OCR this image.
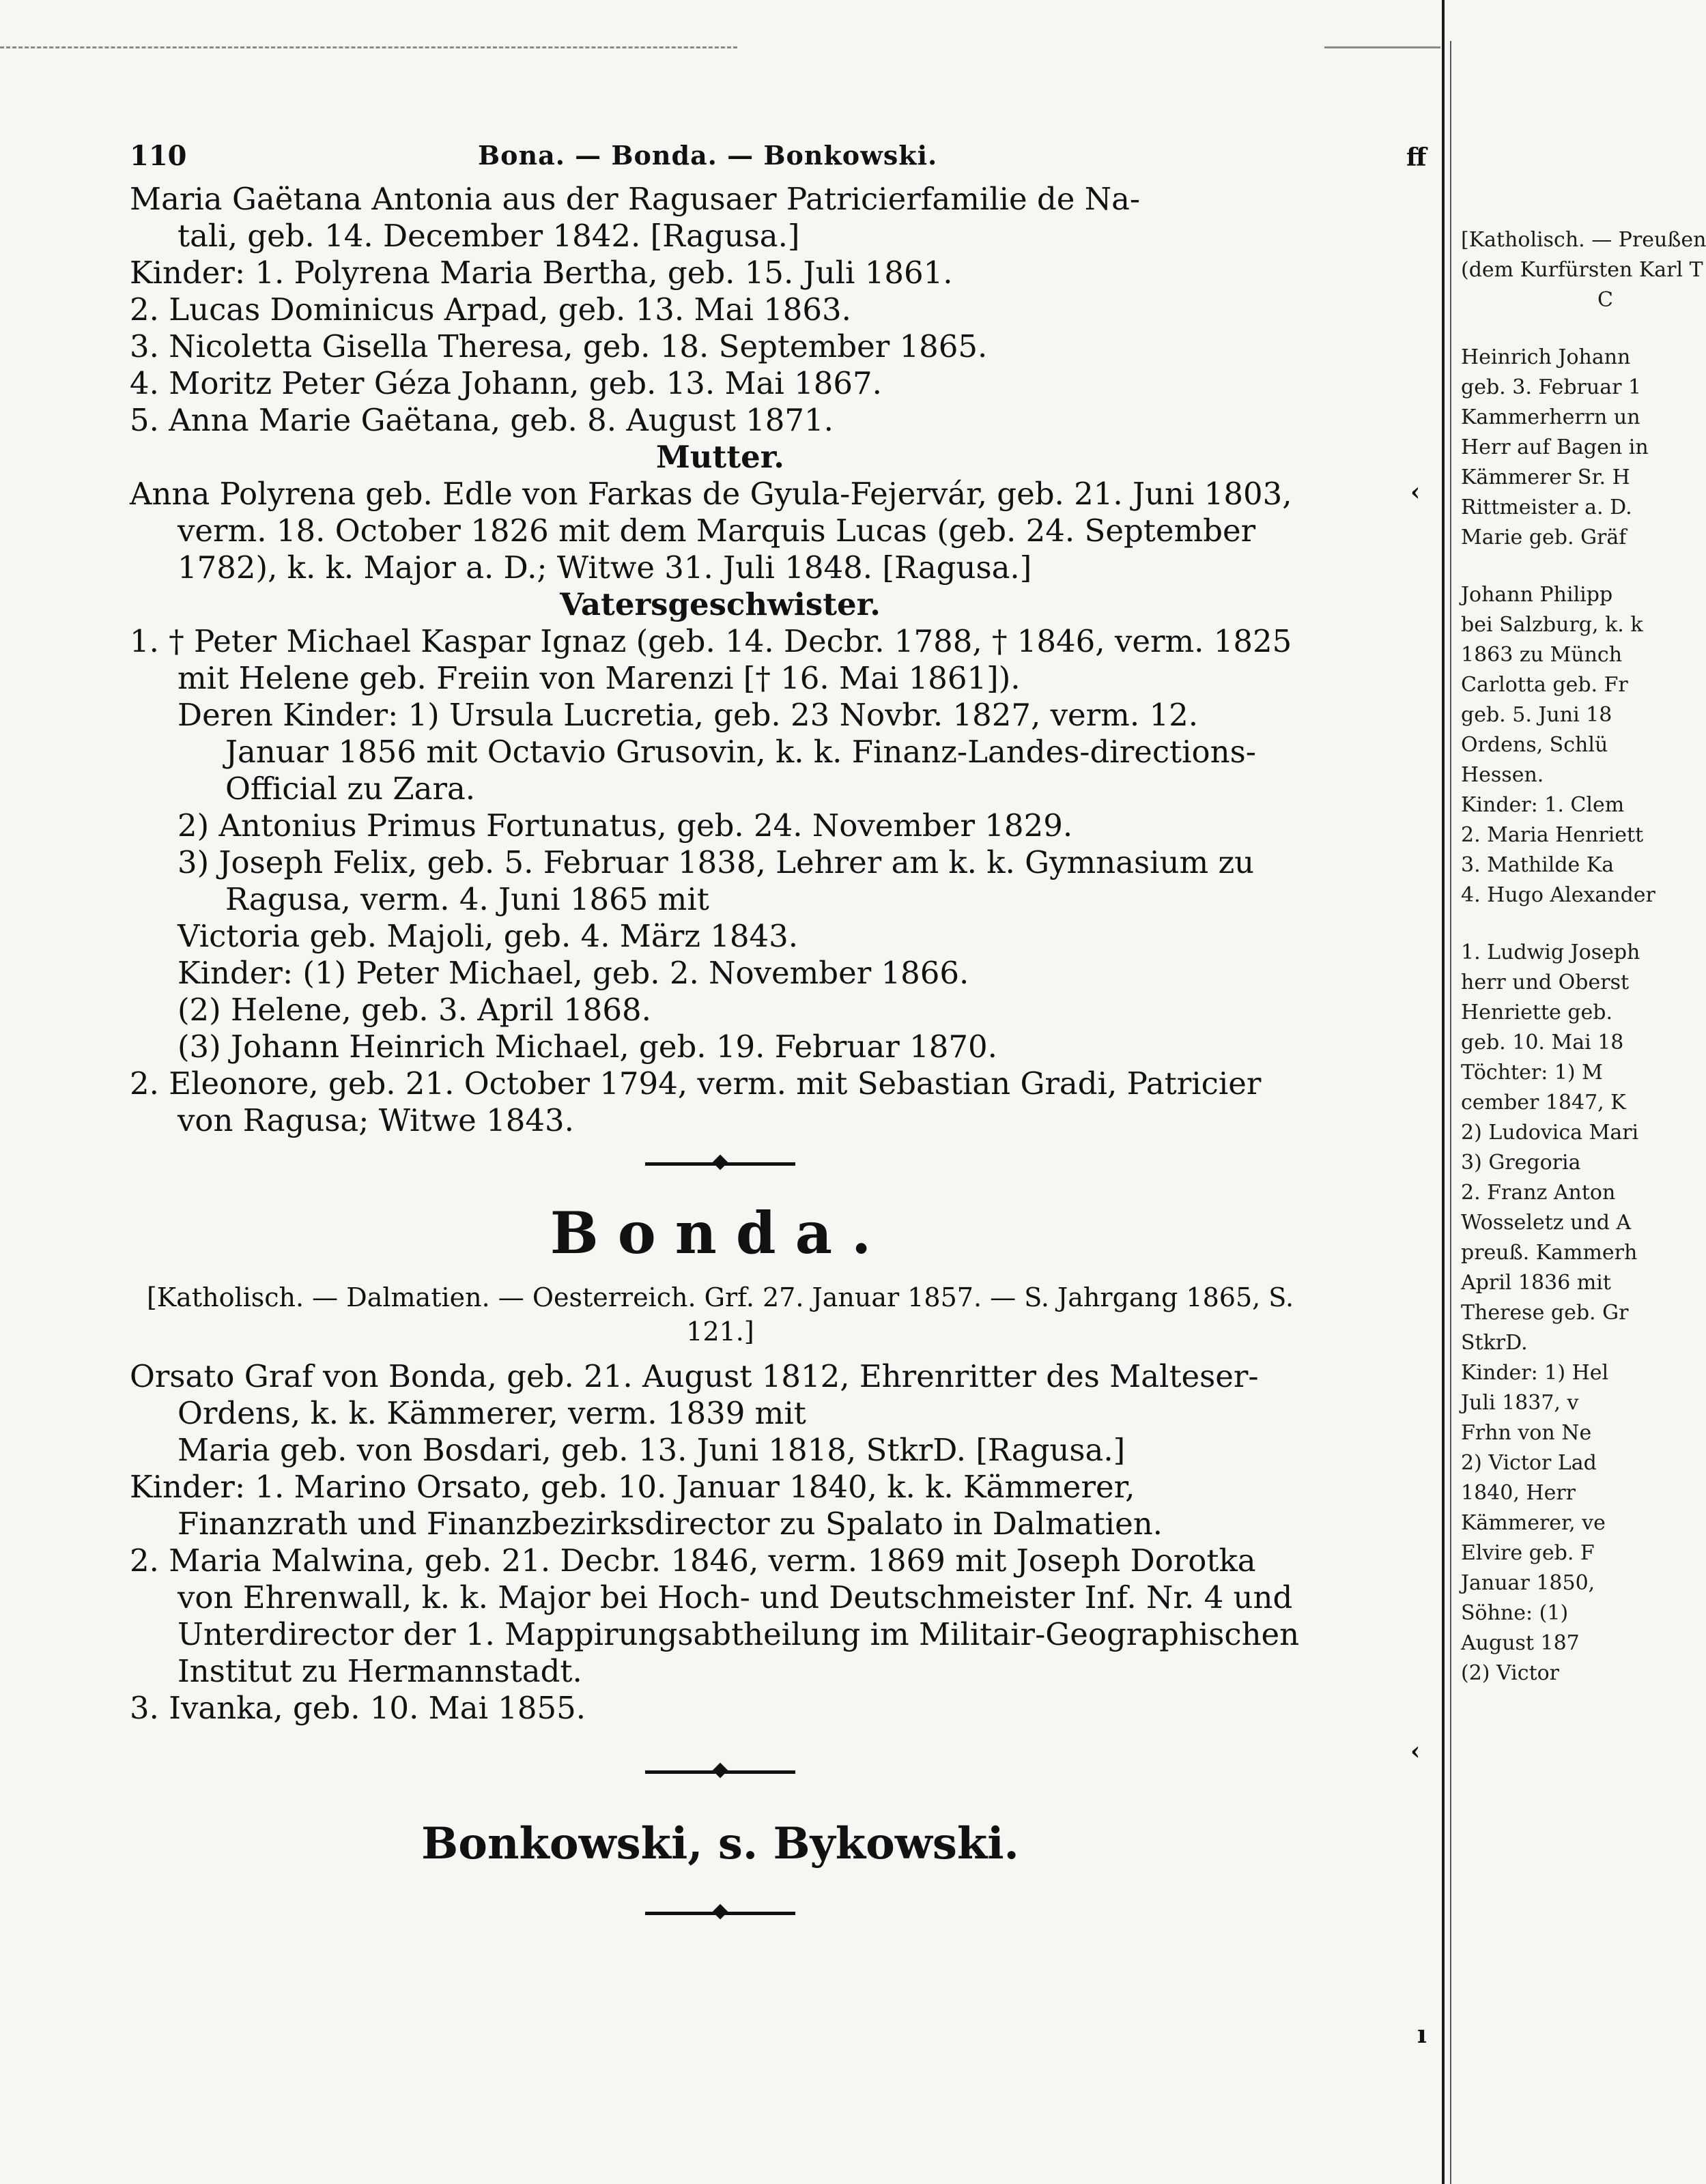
ff
‹
‹
ı
110	Bona. — Bonda. — Bonkowski.
Maria Gaëtana Antonia aus der Ragusaer Patricierfamilie de Na-
tali, geb. 14. December 1842. [Ragusa.]
Kinder: 1. Polyrena Maria Bertha, geb. 15. Juli 1861.
2. Lucas Dominicus Arpad, geb. 13. Mai 1863.
3. Nicoletta Gisella Theresa, geb. 18. September 1865.
4. Moritz Peter Géza Johann, geb. 13. Mai 1867.
5. Anna Marie Gaëtana, geb. 8. August 1871.
Mutter.
Anna Polyrena geb. Edle von Farkas de Gyula-Fejervár, geb. 21. Juni 1803, verm. 18. October 1826 mit dem Marquis Lucas (geb. 24. September 1782), k. k. Major a. D.; Witwe 31. Juli 1848. [Ragusa.]
Vatersgeschwister.
1. † Peter Michael Kaspar Ignaz (geb. 14. Decbr. 1788, † 1846, verm. 1825 mit Helene geb. Freiin von Marenzi [† 16. Mai 1861]).
Deren Kinder: 1) Ursula Lucretia, geb. 23 Novbr. 1827, verm. 12. Januar 1856 mit Octavio Grusovin, k. k. Finanz-Landes-directions-Official zu Zara.
2) Antonius Primus Fortunatus, geb. 24. November 1829.
3) Joseph Felix, geb. 5. Februar 1838, Lehrer am k. k. Gymnasium zu Ragusa, verm. 4. Juni 1865 mit
Victoria geb. Majoli, geb. 4. März 1843.
Kinder: (1) Peter Michael, geb. 2. November 1866.
(2) Helene, geb. 3. April 1868.
(3) Johann Heinrich Michael, geb. 19. Februar 1870.
2. Eleonore, geb. 21. October 1794, verm. mit Sebastian Gradi, Patricier von Ragusa; Witwe 1843.
Bonda.
[Katholisch. — Dalmatien. — Oesterreich. Grf. 27. Januar 1857. — S. Jahrgang 1865, S. 121.]
Orsato Graf von Bonda, geb. 21. August 1812, Ehrenritter des Malteser-Ordens, k. k. Kämmerer, verm. 1839 mit
Maria geb. von Bosdari, geb. 13. Juni 1818, StkrD. [Ragusa.]
Kinder: 1. Marino Orsato, geb. 10. Januar 1840, k. k. Kämmerer, Finanzrath und Finanzbezirksdirector zu Spalato in Dalmatien.
2. Maria Malwina, geb. 21. Decbr. 1846, verm. 1869 mit Joseph Dorotka von Ehrenwall, k. k. Major bei Hoch- und Deutschmeister Inf. Nr. 4 und Unterdirector der 1. Mappirungsabtheilung im Militair-Geographischen Institut zu Hermannstadt.
3. Ivanka, geb. 10. Mai 1855.
Bonkowski, s. Bykowski.
[Katholisch. — Preußen
(dem Kurfürsten Karl T
C
Heinrich Johann
geb. 3. Februar 1
Kammerherrn un
Herr auf Bagen in
Kämmerer Sr. H
Rittmeister a. D.
Marie geb. Gräf
Johann Philipp
bei Salzburg, k. k
1863 zu Münch
Carlotta geb. Fr
geb. 5. Juni 18
Ordens, Schlü
Hessen.
Kinder: 1. Clem
2. Maria Henriett
3. Mathilde Ka
4. Hugo Alexander
1. Ludwig Joseph
herr und Oberst
Henriette geb.
geb. 10. Mai 18
Töchter: 1) M
cember 1847, K
2) Ludovica Mari
3) Gregoria
2. Franz Anton
Wosseletz und A
preuß. Kammerh
April 1836 mit
Therese geb. Gr
StkrD.
Kinder: 1) Hel
Juli 1837, v
Frhn von Ne
2) Victor Lad
1840, Herr
Kämmerer, ve
Elvire geb. F
Januar 1850,
Söhne: (1)
August 187
(2) Victor
